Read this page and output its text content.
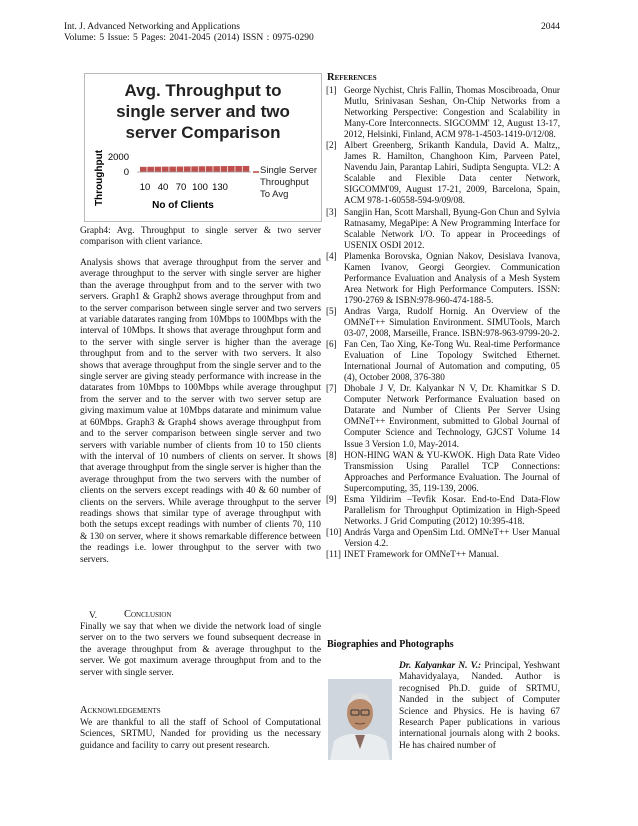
Int. J. Advanced Networking and Applications	2044
Volume: 5 Issue: 5 Pages: 2041-2045 (2014) ISSN : 0975-0290
Avg. Throughput to
single server and two
server Comparison
2000
0
10 40 70 100 130
No of Clients
Throughput	Single Server Throughput To Avg
Graph4: Avg. Throughput to single server & two server comparison with client variance.
Analysis shows that average throughput from the server and average throughput to the server with single server are higher than the average throughput from and to the server with two servers. Graph1 & Graph2 shows average throughput from and to the server comparison between single server and two servers at variable datarates ranging from 10Mbps to 100Mbps with the interval of 10Mbps. It shows that average throughput form and to the server with single server is higher than the average throughput from and to the server with two servers. It also shows that average throughput from the single server and to the single server are giving steady performance with increase in the datarates from 10Mbps to 100Mbps while average throughput from the server and to the server with two server setup are giving maximum value at 10Mbps datarate and minimum value at 60Mbps. Graph3 & Graph4 shows average throughput from and to the server comparison between single server and two servers with variable number of clients from 10 to 150 clients with the interval of 10 numbers of clients on server. It shows that average throughput from the single server is higher than the average throughput from the two servers with the number of clients on the servers except readings with 40 & 60 number of clients on the servers. While average throughput to the server readings shows that similar type of average throughput with both the setups except readings with number of clients 70, 110 & 130 on server, where it shows remarkable difference between the readings i.e. lower throughput to the server with two servers.
V.	Conclusion
Finally we say that when we divide the network load of single server on to the two servers we found subsequent decrease in the average throughput from & average throughput to the server. We got maximum average throughput from and to the server with single server.
Acknowledgements
We are thankful to all the staff of School of Computational Sciences, SRTMU, Nanded for providing us the necessary guidance and facility to carry out present research.
References
[1] George Nychist, Chris Fallin, Thomas Moscibroada, Onur Mutlu, Srinivasan Seshan, On-Chip Networks from a Networking Perspective: Congestion and Scalability in Many-Core Interconnects. SIGCOMM' 12, August 13-17, 2012, Helsinki, Finland, ACM 978-1-4503-1419-0/12/08.
[2] Albert Greenberg, Srikanth Kandula, David A. Maltz,, James R. Hamilton, Changhoon Kim, Parveen Patel, Navendu Jain, Parantap Lahiri, Sudipta Sengupta. VL2: A Scalable and Flexible Data center Network, SIGCOMM'09, August 17-21, 2009, Barcelona, Spain, ACM 978-1-60558-594-9/09/08.
[3] Sangjin Han, Scott Marshall, Byung-Gon Chun and Sylvia Ratnasamy, MegaPipe: A New Programming Interface for Scalable Network I/O. To appear in Proceedings of USENIX OSDI 2012.
[4] Plamenka Borovska, Ognian Nakov, Desislava Ivanova, Kamen Ivanov, Georgi Georgiev. Communication Performance Evaluation and Analysis of a Mesh System Area Network for High Performance Computers. ISSN: 1790-2769 & ISBN:978-960-474-188-5.
[5] Andras Varga, Rudolf Hornig. An Overview of the OMNeT++ Simulation Environment. SIMUTools, March 03-07, 2008, Marseille, France. ISBN:978-963-9799-20-2.
[6] Fan Cen, Tao Xing, Ke-Tong Wu. Real-time Performance Evaluation of Line Topology Switched Ethernet. International Journal of Automation and computing, 05 (4), October 2008, 376-380
[7] Dhobale J V, Dr. Kalyankar N V, Dr. Khamitkar S D. Computer Network Performance Evaluation based on Datarate and Number of Clients Per Server Using OMNeT++ Environment, submitted to Global Journal of Computer Science and Technology, GJCST Volume 14 Issue 3 Version 1.0, May-2014.
[8] HON-HING WAN & YU-KWOK. High Data Rate Video Transmission Using Parallel TCP Connections: Approaches and Performance Evaluation. The Journal of Supercomputing, 35, 119-139, 2006.
[9] Esma Yildirim –Tevfik Kosar. End-to-End Data-Flow Parallelism for Throughput Optimization in High-Speed Networks. J Grid Computing (2012) 10:395-418.
[10] András Varga and OpenSim Ltd. OMNeT++ User Manual Version 4.2.
[11] INET Framework for OMNeT++ Manual.
Biographies and Photographs
Dr. Kalyankar N. V.: Principal, Yeshwant Mahavidyalaya, Nanded. Author is recognised Ph.D. guide of SRTMU, Nanded in the subject of Computer Science and Physics. He is having 67 Research Paper publications in various international journals along with 2 books. He has chaired number of
